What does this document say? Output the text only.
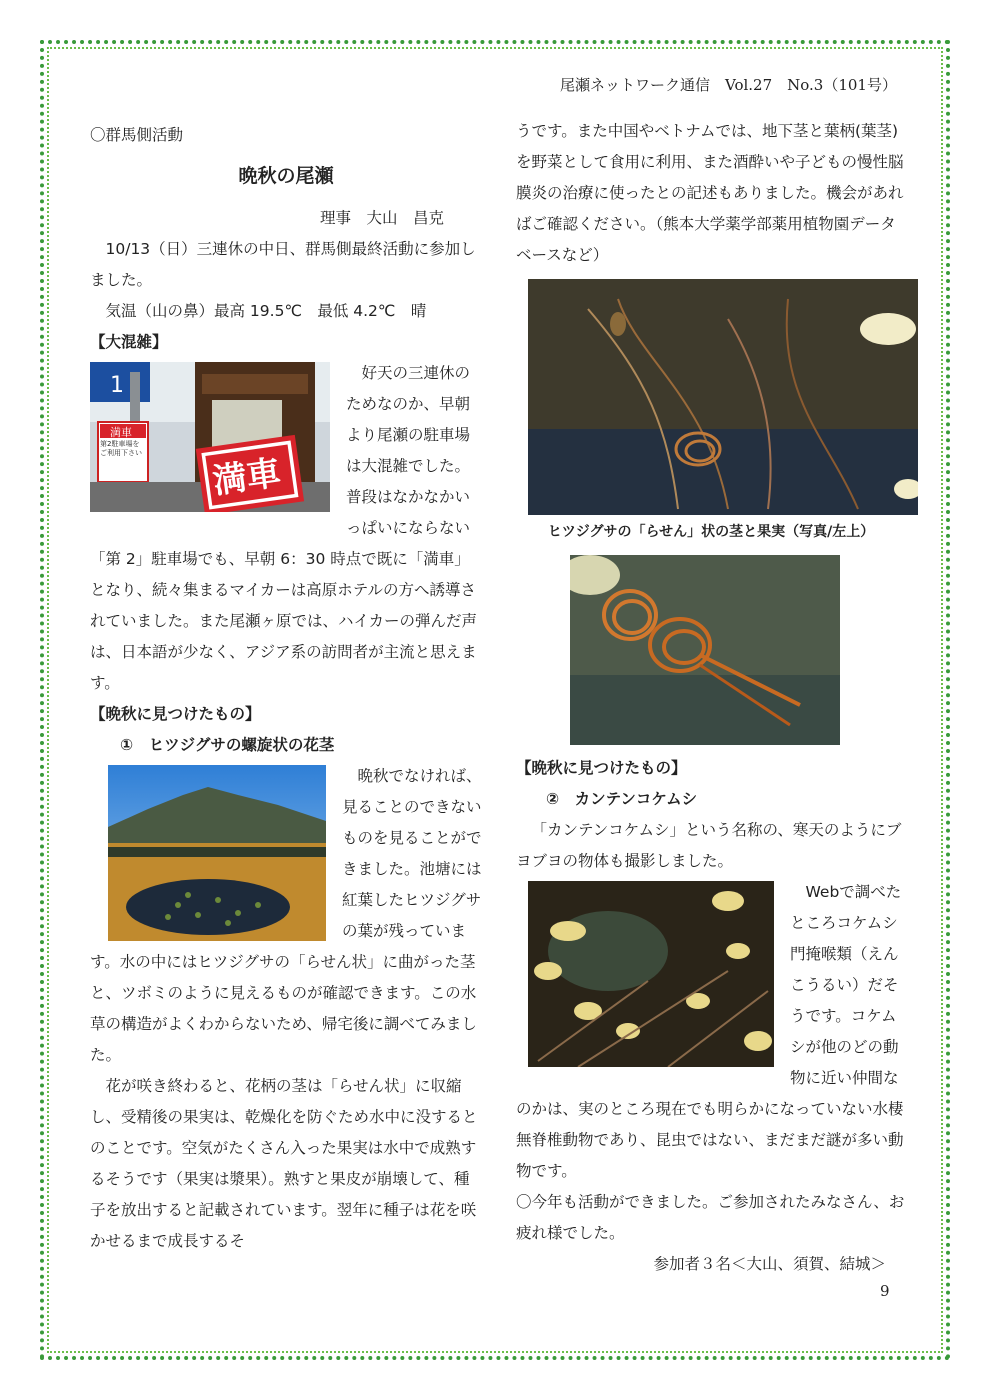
尾瀬ネットワーク通信　Vol.27　No.3（101号）

〇群馬側活動

晩秋の尾瀬

理事　大山　昌克

10/13（日）三連休の中日、群馬側最終活動に参加しました。

気温（山の鼻）最高 19.5℃　最低 4.2℃　晴

【大混雑】

1
満車
第2駐車場をご利用下さい 満車

好天の三連休のためなのか、早朝より尾瀬の駐車場は大混雑でした。普段はなかなかいっぱいにならない「第 2」駐車場でも、早朝 6：30 時点で既に「満車」となり、続々集まるマイカーは高原ホテルの方へ誘導されていました。また尾瀬ヶ原では、ハイカーの弾んだ声は、日本語が少なく、アジア系の訪問者が主流と思えます。

【晩秋に見つけたもの】

①　ヒツジグサの螺旋状の花茎

晩秋でなければ、見ることのできないものを見ることができました。池塘には紅葉したヒツジグサの葉が残っています。水の中にはヒツジグサの「らせん状」に曲がった茎と、ツボミのように見えるものが確認できます。この水草の構造がよくわからないため、帰宅後に調べてみました。

花が咲き終わると、花柄の茎は「らせん状」に収縮し、受精後の果実は、乾燥化を防ぐため水中に没するとのことです。空気がたくさん入った果実は水中で成熟するそうです（果実は漿果）。熟すと果皮が崩壊して、種子を放出すると記載されています。翌年に種子は花を咲かせるまで成長するそ

うです。また中国やベトナムでは、地下茎と葉柄(葉茎)を野菜として食用に利用、また酒酔いや子どもの慢性脳膜炎の治療に使ったとの記述もありました。機会があればご確認ください。（熊本大学薬学部薬用植物園データベースなど）

ヒツジグサの「らせん」状の茎と果実（写真/左上）

【晩秋に見つけたもの】

②　カンテンコケムシ

「カンテンコケムシ」という名称の、寒天のようにブヨブヨの物体も撮影しました。

Webで調べたところコケムシ門掩喉類（えんこうるい）だそうです。コケムシが他のどの動物に近い仲間なのかは、実のところ現在でも明らかになっていない水棲無脊椎動物であり、昆虫ではない、まだまだ謎が多い動物です。

〇今年も活動ができました。ご参加されたみなさん、お疲れ様でした。

参加者３名＜大山、須賀、結城＞

9
